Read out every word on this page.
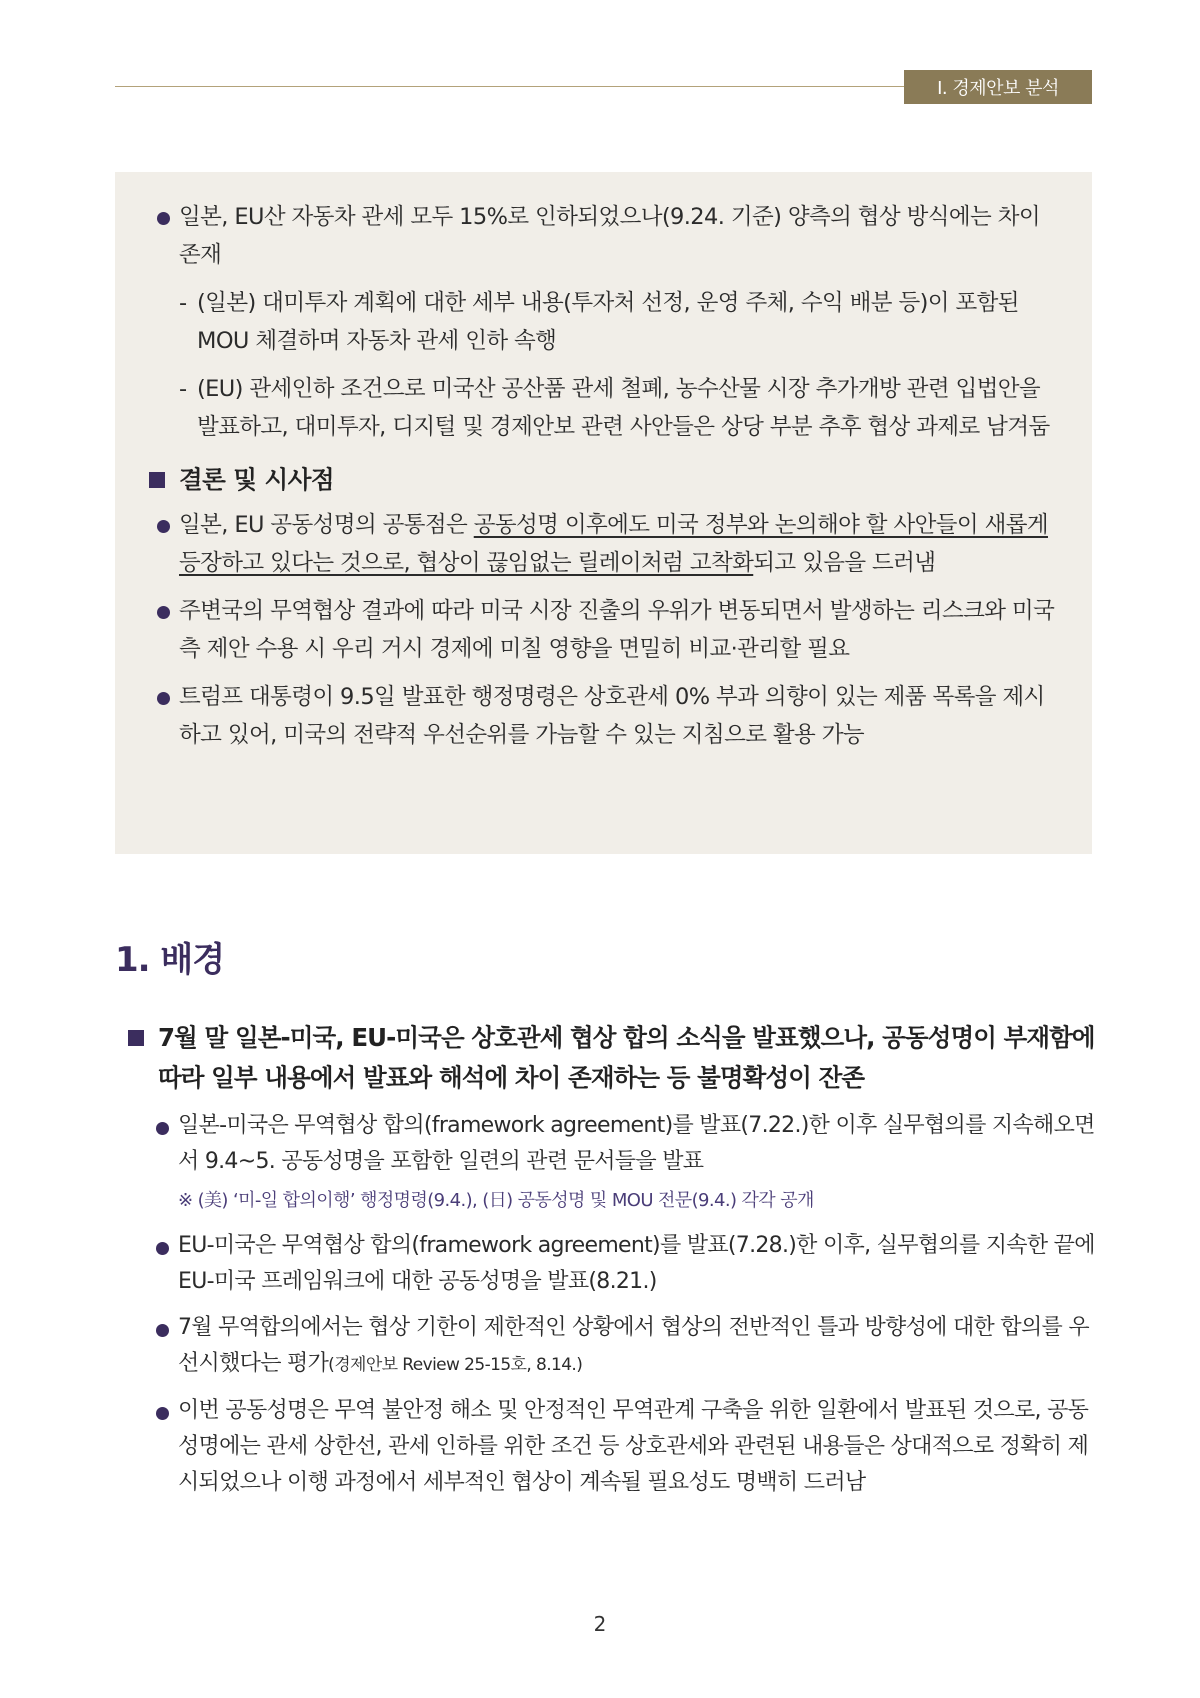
Ⅰ. 경제안보 분석
일본, EU산 자동차 관세 모두 15%로 인하되었으나(9.24. 기준) 양측의 협상 방식에는 차이 존재
- (일본) 대미투자 계획에 대한 세부 내용(투자처 선정, 운영 주체, 수익 배분 등)이 포함된 MOU 체결하며 자동차 관세 인하 속행
- (EU) 관세인하 조건으로 미국산 공산품 관세 철폐, 농수산물 시장 추가개방 관련 입법안을 발표하고, 대미투자, 디지털 및 경제안보 관련 사안들은 상당 부분 추후 협상 과제로 남겨둠
결론 및 시사점
일본, EU 공동성명의 공통점은 공동성명 이후에도 미국 정부와 논의해야 할 사안들이 새롭게 등장하고 있다는 것으로, 협상이 끊임없는 릴레이처럼 고착화되고 있음을 드러냄
주변국의 무역협상 결과에 따라 미국 시장 진출의 우위가 변동되면서 발생하는 리스크와 미국 측 제안 수용 시 우리 거시 경제에 미칠 영향을 면밀히 비교·관리할 필요
트럼프 대통령이 9.5일 발표한 행정명령은 상호관세 0% 부과 의향이 있는 제품 목록을 제시하고 있어, 미국의 전략적 우선순위를 가늠할 수 있는 지침으로 활용 가능
1. 배경
7월 말 일본-미국, EU-미국은 상호관세 협상 합의 소식을 발표했으나, 공동성명이 부재함에 따라 일부 내용에서 발표와 해석에 차이 존재하는 등 불명확성이 잔존
일본-미국은 무역협상 합의(framework agreement)를 발표(7.22.)한 이후 실무협의를 지속해오면서 9.4~5. 공동성명을 포함한 일련의 관련 문서들을 발표
※ (美) ‘미-일 합의이행’ 행정명령(9.4.), (日) 공동성명 및 MOU 전문(9.4.) 각각 공개
EU-미국은 무역협상 합의(framework agreement)를 발표(7.28.)한 이후, 실무협의를 지속한 끝에 EU-미국 프레임워크에 대한 공동성명을 발표(8.21.)
7월 무역합의에서는 협상 기한이 제한적인 상황에서 협상의 전반적인 틀과 방향성에 대한 합의를 우선시했다는 평가(경제안보 Review 25-15호, 8.14.)
이번 공동성명은 무역 불안정 해소 및 안정적인 무역관계 구축을 위한 일환에서 발표된 것으로, 공동성명에는 관세 상한선, 관세 인하를 위한 조건 등 상호관세와 관련된 내용들은 상대적으로 정확히 제시되었으나 이행 과정에서 세부적인 협상이 계속될 필요성도 명백히 드러남
2
